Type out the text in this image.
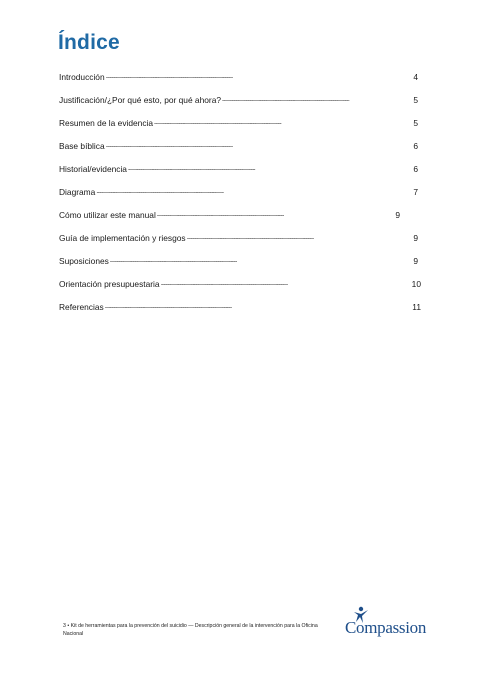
Índice
Introducción . . .	4
Justificación/¿Por qué esto, por qué ahora? . . .	5
Resumen de la evidencia . . .	5
Base bíblica . . .	6
Historial/evidencia . . .	6
Diagrama . . .	7
Cómo utilizar este manual . . .	9
Guía de implementación y riesgos . . .	9
Suposiciones . . .	9
Orientación presupuestaria . . .	10
Referencias . . .	11
3 • Kit de herramientas para la prevención del suicidio — Descripción general de la intervención para la Oficina Nacional	Compassion
